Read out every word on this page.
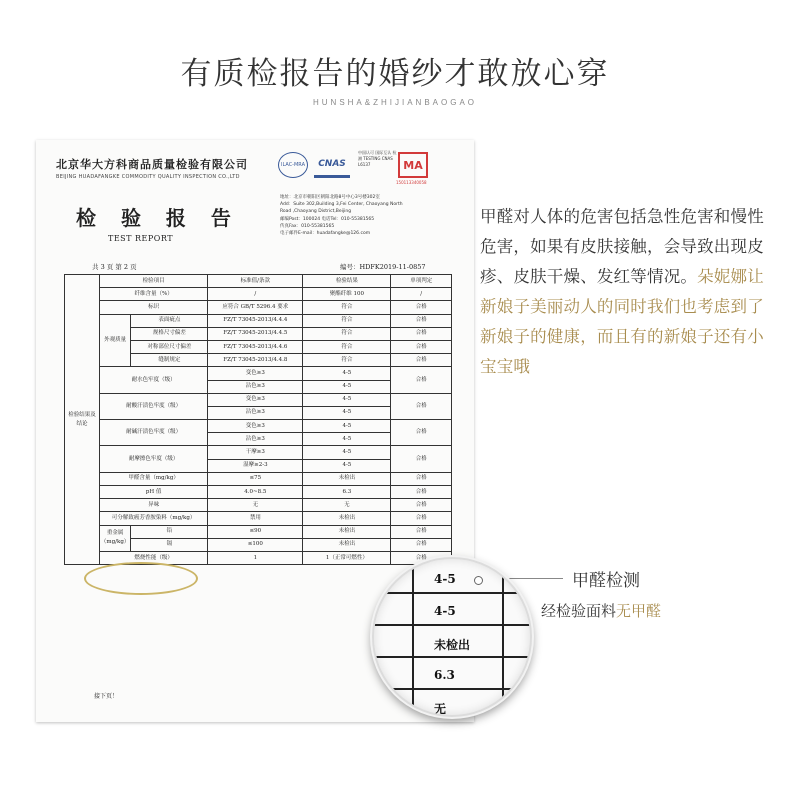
有质检报告的婚纱才敢放心穿
HUNSHA&ZHIJIANBAOGAO
北京华大方科商品质量检验有限公司
BEIJING HUADAFANGKE COMMODITY QUALITY INSPECTION CO.,LTD
ILAC-MRA	CNAS
中国认可 国际互认 检测 TESTING CNAS L6137	MA
150113340058
检 验 报 告
TEST REPORT
地址：北京市朝阳区朝阳北路8号中心3号楼302室
Add：Suite 302,Building 3,Fei Center, Chaoyang North
Road ,Chaoyang District,Beijing
邮编Post：100024 电话Tel：010-55381565
传真Fax：010-55381565
电子邮件E-mail：huadafangke@126.com
共 3 页 第 2 页	编号：HDFK2019-11-0857
检验结果及结论	检验项目		标准值/条款	检验结果	单项判定
	纤维含量（%）		/	聚酯纤维 100	/
	标识		应符合 GB/T 5296.4 要求	符合	合格
	外观质量	表面疵点	FZ/T 73045-2013/4.4.4	符合	合格
		规格尺寸偏差	FZ/T 73045-2013/4.4.5	符合	合格
		对称部位尺寸偏差	FZ/T 73045-2013/4.4.6	符合	合格
		缝制规定	FZ/T 73045-2013/4.4.8	符合	合格
	耐水色牢度（级）		变色≥3	4-5	合格
			沾色≥3	4-5	
	耐酸汗渍色牢度（级）		变色≥3	4-5	合格
			沾色≥3	4-5	
	耐碱汗渍色牢度（级）		变色≥3	4-5	合格
			沾色≥3	4-5	
	耐摩擦色牢度（级）		干摩≥3	4-5	合格
			湿摩≥2-3	4-5	
	甲醛含量（mg/kg）		≤75	未检出	合格
	pH 值		4.0~8.5	6.3	合格
	异味		无	无	合格
	可分解致癌芳香胺染料（mg/kg）		禁用	未检出	合格
	重金属（mg/kg）	铅	≤90	未检出	合格
		镉	≤100	未检出	合格
	燃烧性能（级）		1	1（正常可燃性）	合格
接下页！
4-5
4-5
未检出
6.3
无
甲醛对人体的危害包括急性危害和慢性危害，如果有皮肤接触，会导致出现皮疹、皮肤干燥、发红等情况。朵妮娜让新娘子美丽动人的同时我们也考虑到了新娘子的健康，而且有的新娘子还有小宝宝哦
甲醛检测
经检验面料无甲醛
